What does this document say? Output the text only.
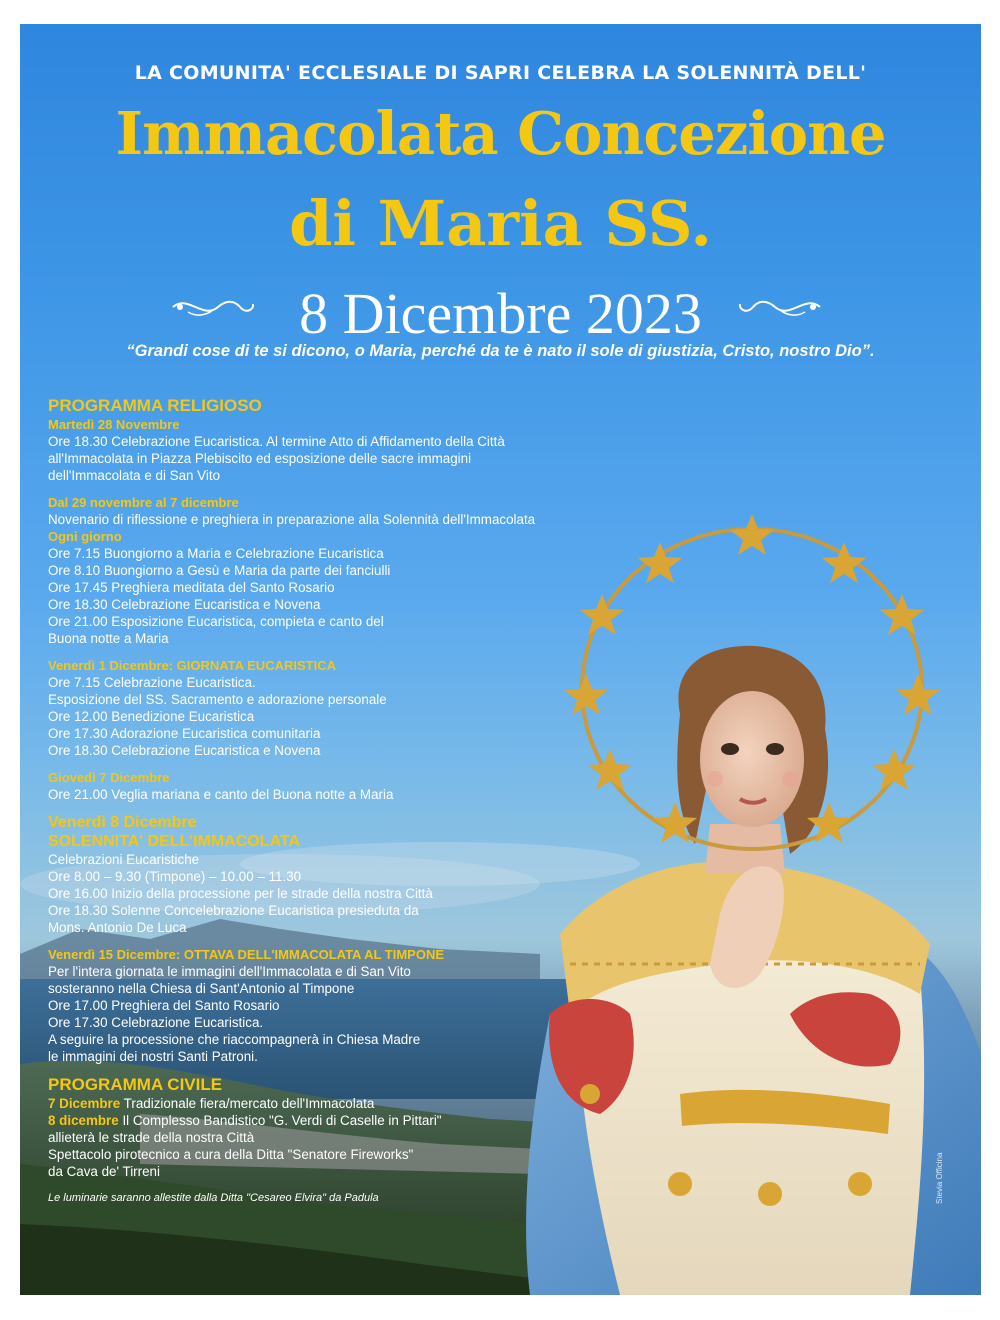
LA COMUNITA' ECCLESIALE DI SAPRI CELEBRA LA SOLENNITÀ DELL'
Immacolata Concezione
di Maria SS.
8 Dicembre 2023
“Grandi cose di te si dicono, o Maria, perché da te è nato il sole di giustizia, Cristo, nostro Dio”.
PROGRAMMA RELIGIOSO
Martedì 28 Novembre
Ore 18.30 Celebrazione Eucaristica. Al termine Atto di Affidamento della Città
all'Immacolata in Piazza Plebiscito ed esposizione delle sacre immagini
dell'Immacolata e di San Vito
Dal 29 novembre al 7 dicembre
Novenario di riflessione e preghiera in preparazione alla Solennità dell'Immacolata
Ogni giorno
Ore 7.15 Buongiorno a Maria e Celebrazione Eucaristica
Ore 8.10 Buongiorno a Gesù e Maria da parte dei fanciulli
Ore 17.45 Preghiera meditata del Santo Rosario
Ore 18.30 Celebrazione Eucaristica e Novena
Ore 21.00 Esposizione Eucaristica, compieta e canto del
Buona notte a Maria
Venerdì 1 Dicembre: GIORNATA EUCARISTICA
Ore 7.15 Celebrazione Eucaristica.
Esposizione del SS. Sacramento e adorazione personale
Ore 12.00 Benedizione Eucaristica
Ore 17.30 Adorazione Eucaristica comunitaria
Ore 18.30 Celebrazione Eucaristica e Novena
Giovedì 7 Dicembre
Ore 21.00 Veglia mariana e canto del Buona notte a Maria
Venerdì 8 Dicembre
SOLENNITA' DELL'IMMACOLATA
Celebrazioni Eucaristiche
Ore 8.00 – 9.30 (Timpone) – 10.00 – 11.30
Ore 16.00 Inizio della processione per le strade della nostra Città
Ore 18.30 Solenne Concelebrazione Eucaristica presieduta da
Mons. Antonio De Luca
Venerdì 15 Dicembre: OTTAVA DELL'IMMACOLATA AL TIMPONE
Per l'intera giornata le immagini dell'Immacolata e di San Vito
sosteranno nella Chiesa di Sant'Antonio al Timpone
Ore 17.00 Preghiera del Santo Rosario
Ore 17.30 Celebrazione Eucaristica.
A seguire la processione che riaccompagnerà in Chiesa Madre
le immagini dei nostri Santi Patroni.
PROGRAMMA CIVILE
7 Dicembre Tradizionale fiera/mercato dell'Immacolata
8 dicembre Il Complesso Bandistico "G. Verdi di Caselle in Pittari"
allieterà le strade della nostra Città
Spettacolo pirotecnico a cura della Ditta "Senatore Fireworks"
da Cava de' Tirreni
Le luminarie saranno allestite dalla Ditta "Cesareo Elvira" da Padula	Stevia Officina
